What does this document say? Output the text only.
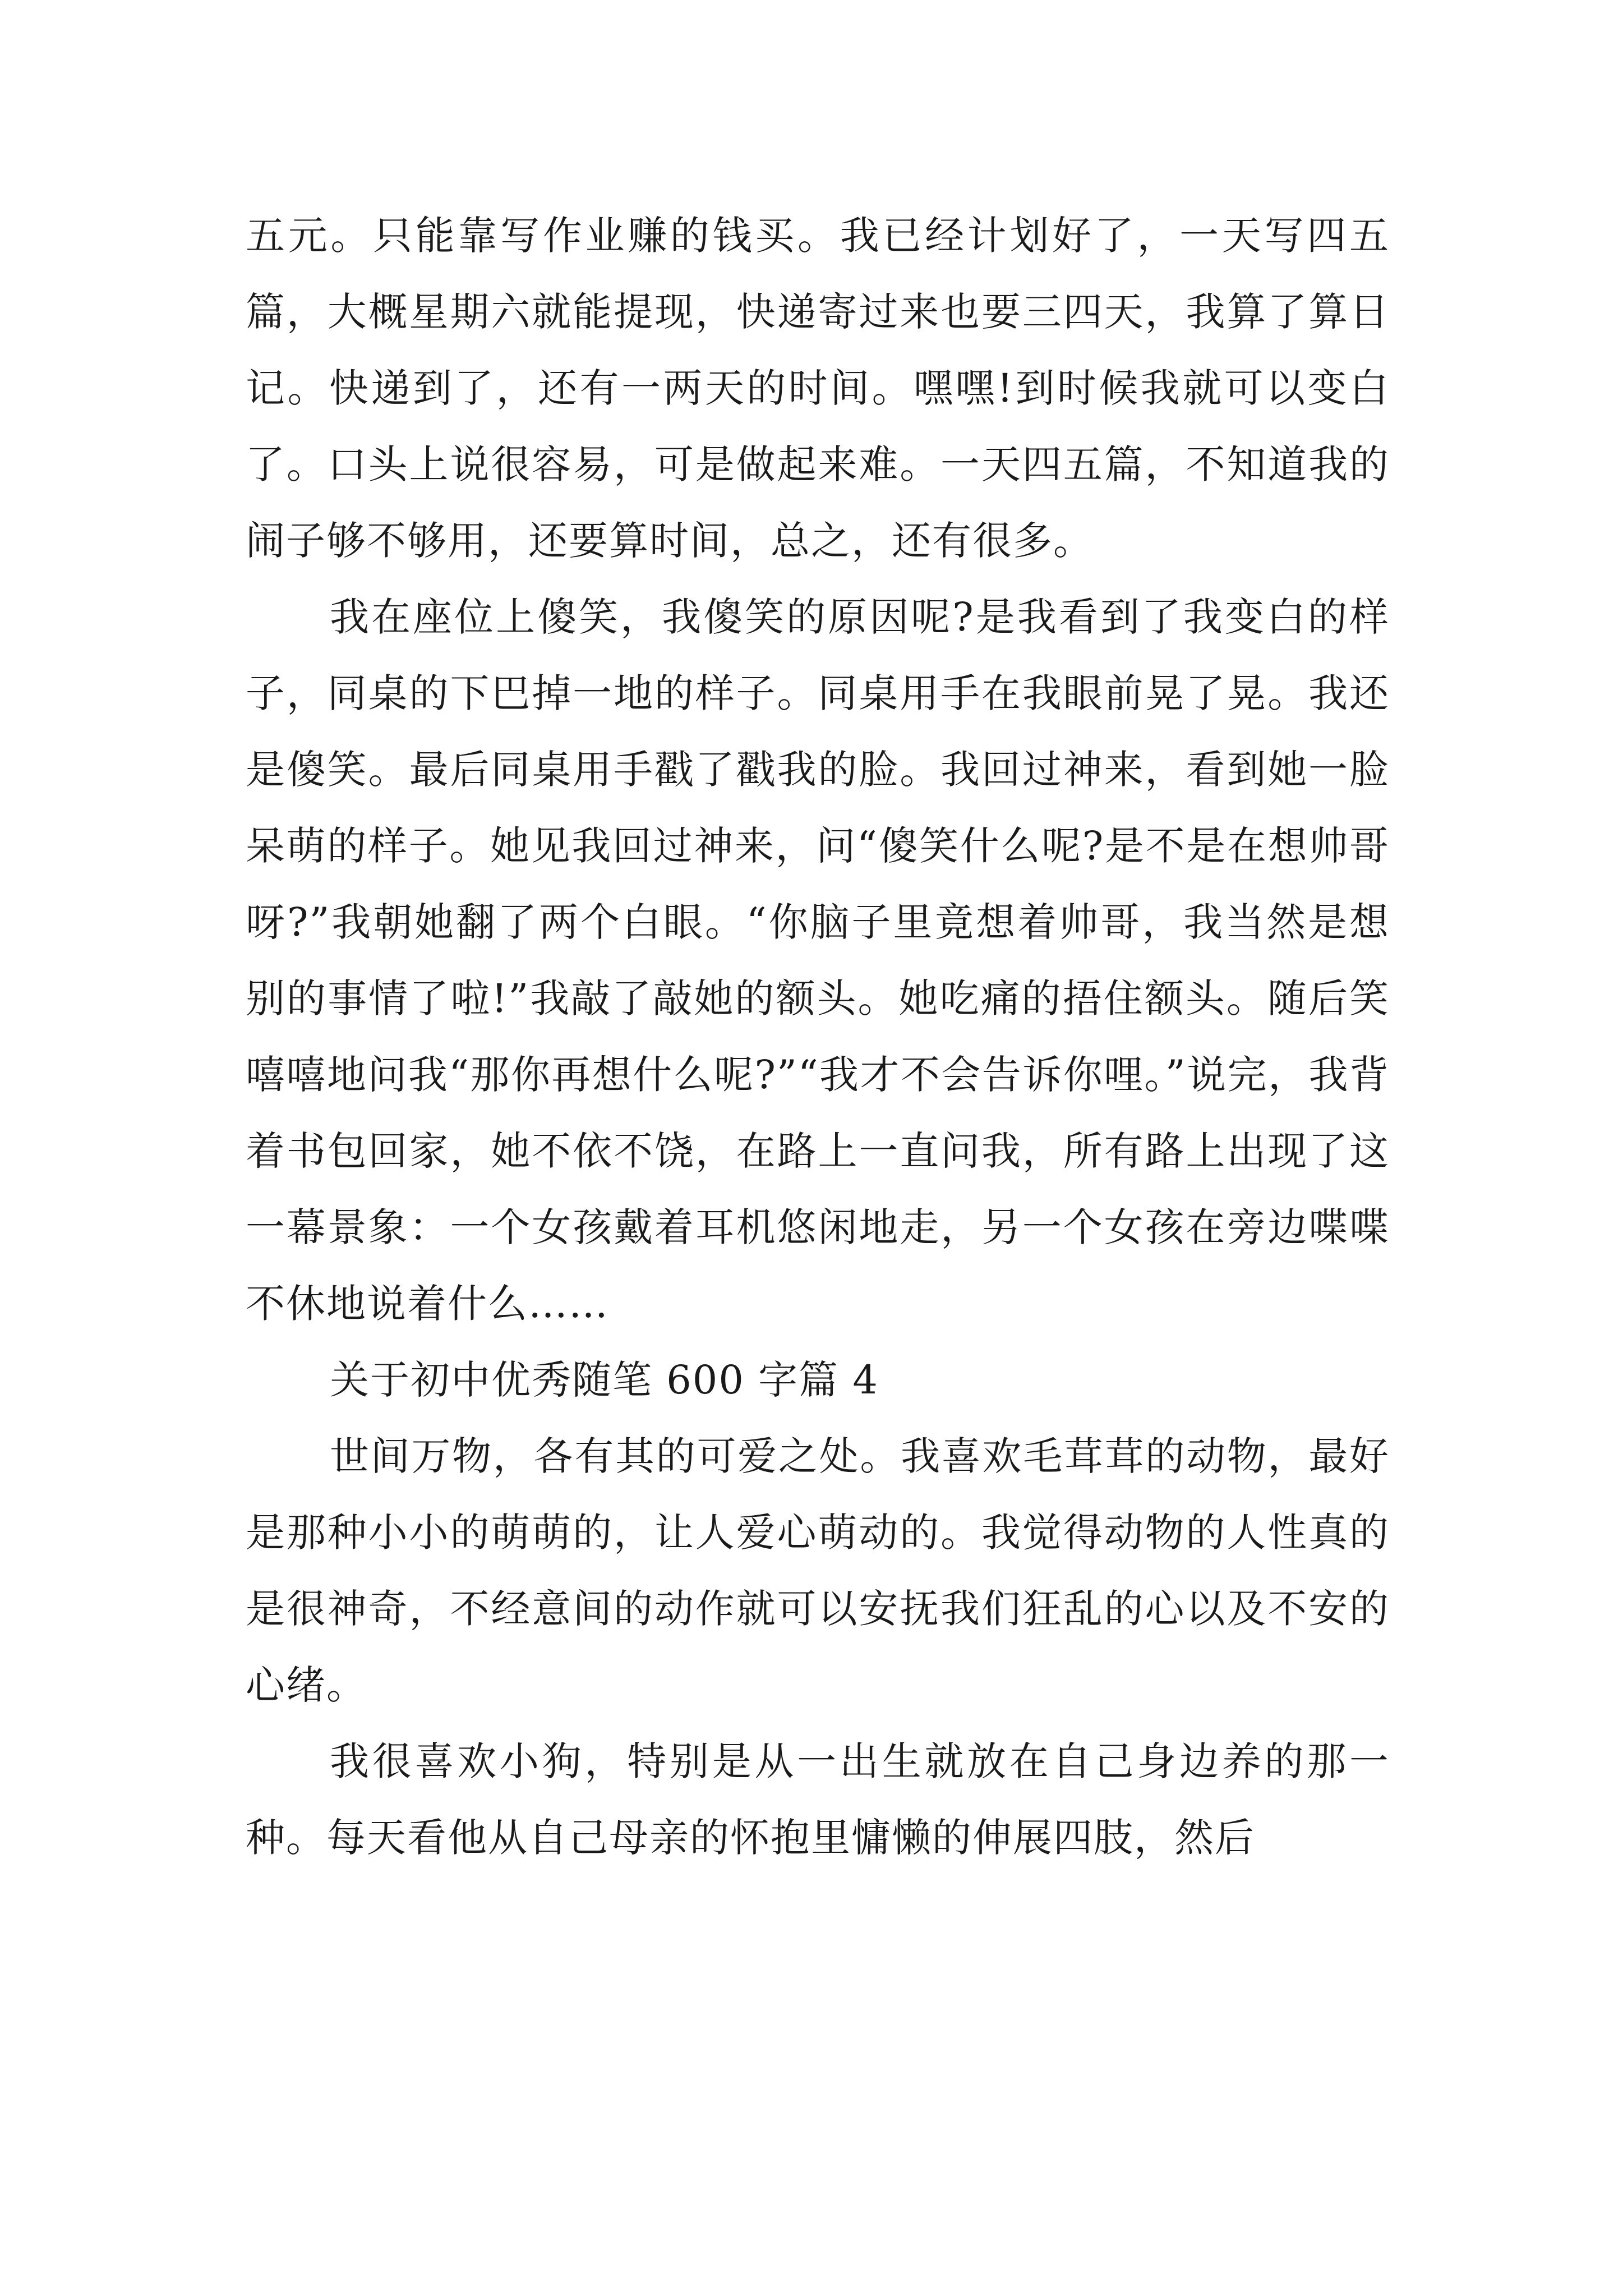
五元。只能靠写作业赚的钱买。我已经计划好了，一天写四五篇，大概星期六就能提现，快递寄过来也要三四天，我算了算日记。快递到了，还有一两天的时间。嘿嘿!到时候我就可以变白了。口头上说很容易，可是做起来难。一天四五篇，不知道我的闹子够不够用，还要算时间，总之，还有很多。

我在座位上傻笑，我傻笑的原因呢?是我看到了我变白的样子，同桌的下巴掉一地的样子。同桌用手在我眼前晃了晃。我还是傻笑。最后同桌用手戳了戳我的脸。我回过神来，看到她一脸呆萌的样子。她见我回过神来，问“傻笑什么呢?是不是在想帅哥呀?”我朝她翻了两个白眼。“你脑子里竟想着帅哥，我当然是想别的事情了啦!”我敲了敲她的额头。她吃痛的捂住额头。随后笑嘻嘻地问我“那你再想什么呢?”“我才不会告诉你哩。”说完，我背着书包回家，她不依不饶，在路上一直问我，所有路上出现了这一幕景象：一个女孩戴着耳机悠闲地走，另一个女孩在旁边喋喋不休地说着什么……

关于初中优秀随笔 600 字篇 4

世间万物，各有其的可爱之处。我喜欢毛茸茸的动物，最好是那种小小的萌萌的，让人爱心萌动的。我觉得动物的人性真的是很神奇，不经意间的动作就可以安抚我们狂乱的心以及不安的心绪。

我很喜欢小狗，特别是从一出生就放在自己身边养的那一种。每天看他从自己母亲的怀抱里慵懒的伸展四肢，然后
